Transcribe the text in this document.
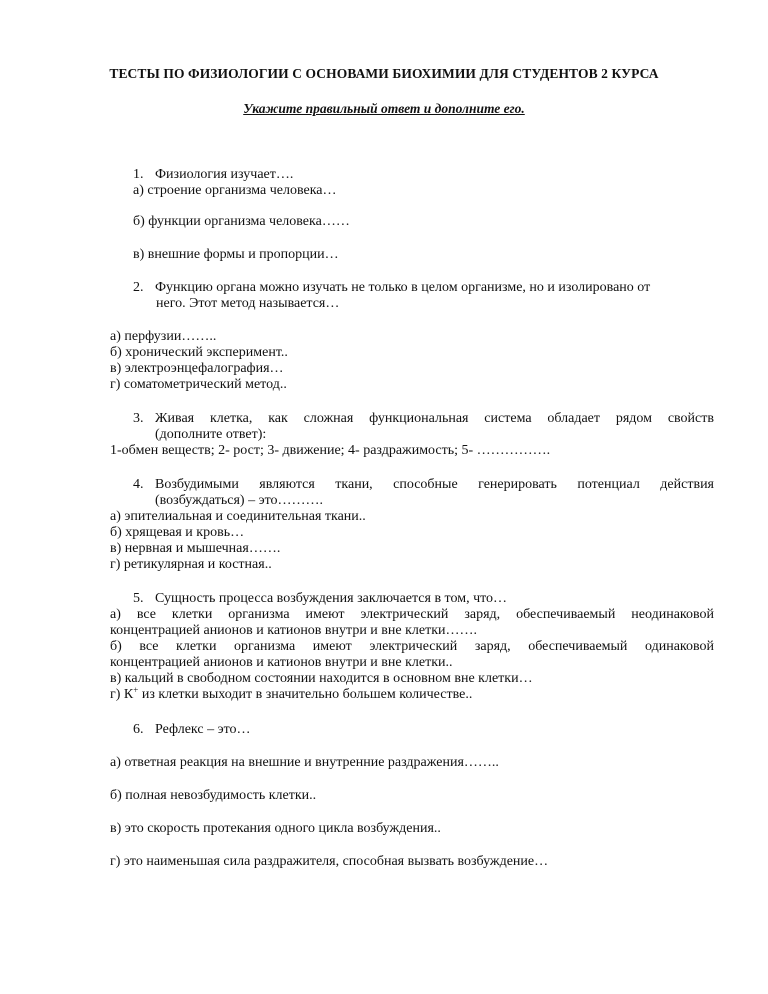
ТЕСТЫ ПО ФИЗИОЛОГИИ С ОСНОВАМИ БИОХИМИИ ДЛЯ СТУДЕНТОВ 2 КУРСА
Укажите правильный ответ и дополните его.
1. Физиология изучает….
а) строение организма человека…
б) функции организма человека……
в) внешние формы и пропорции…
2. Функцию органа можно изучать не только в целом организме, но и изолировано от
него. Этот метод называется…
а) перфузии……..
б) хронический эксперимент..
в) электроэнцефалография…
г) соматометрический метод..
3. Живая клетка, как сложная функциональная система обладает рядом свойств
(дополните ответ):
1-обмен веществ; 2- рост; 3- движение; 4- раздражимость; 5- …………….
4. Возбудимыми являются ткани, способные генерировать потенциал действия
(возбуждаться) – это……….
а) эпителиальная и соединительная ткани..
б) хрящевая и кровь…
в) нервная и мышечная…….
г) ретикулярная и костная..
5. Сущность процесса возбуждения заключается в том, что…
а) все клетки организма имеют электрический заряд, обеспечиваемый неодинаковой
концентрацией анионов и катионов внутри и вне клетки…….
б) все клетки организма имеют электрический заряд, обеспечиваемый одинаковой
концентрацией анионов и катионов внутри и вне клетки..
в) кальций в свободном состоянии находится в основном вне клетки…
г) К+ из клетки выходит в значительно большем количестве..
6. Рефлекс – это…
а) ответная реакция на внешние и внутренние раздражения……..
б) полная невозбудимость клетки..
в) это скорость протекания одного цикла возбуждения..
г) это наименьшая сила раздражителя, способная вызвать возбуждение…
